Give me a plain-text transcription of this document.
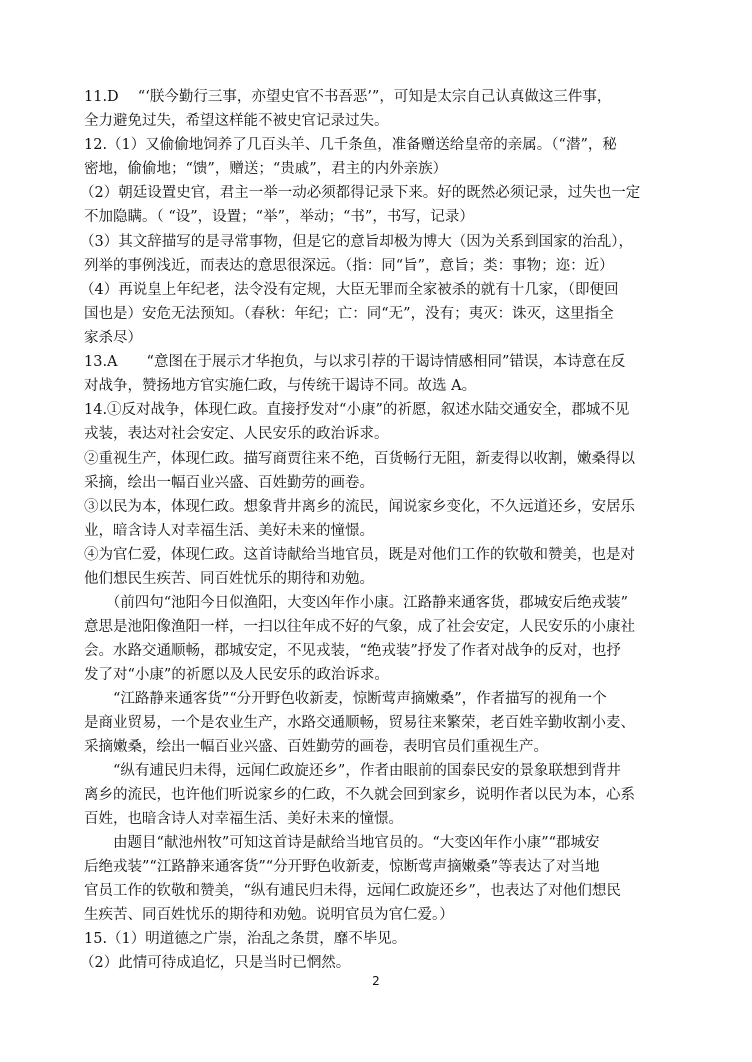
2
11.D　 “‘朕今勤行三事，亦望史官不书吾恶’”，可知是太宗自己认真做这三件事，
全力避免过失，希望这样能不被史官记录过失。
12.（1）又偷偷地饲养了几百头羊、几千条鱼，准备赠送给皇帝的亲属。（“潜”，秘
密地，偷偷地；“馈”，赠送；“贵戚”，君主的内外亲族）
（2）朝廷设置史官，君主一举一动必须都得记录下来。好的既然必须记录，过失也一定
不加隐瞒。（ “设”，设置；“举”，举动；“书”，书写，记录）
（3）其文辞描写的是寻常事物，但是它的意旨却极为博大（因为关系到国家的治乱），
列举的事例浅近，而表达的意思很深远。（指：同“旨”，意旨；类：事物；迩：近）
（4）再说皇上年纪老，法令没有定规，大臣无罪而全家被杀的就有十几家，（即便回
国也是）安危无法预知。（春秋：年纪；亡：同“无”，没有；夷灭：诛灭，这里指全
家杀尽）
13.A　　“意图在于展示才华抱负，与以求引荐的干谒诗情感相同”错误，本诗意在反
对战争，赞扬地方官实施仁政，与传统干谒诗不同。故选 A。
14.①反对战争，体现仁政。直接抒发对“小康”的祈愿，叙述水陆交通安全，郡城不见
戎装，表达对社会安定、人民安乐的政治诉求。
②重视生产，体现仁政。描写商贾往来不绝，百货畅行无阻，新麦得以收割，嫩桑得以
采摘，绘出一幅百业兴盛、百姓勤劳的画卷。
③以民为本，体现仁政。想象背井离乡的流民，闻说家乡变化，不久远道还乡，安居乐
业，暗含诗人对幸福生活、美好未来的憧憬。
④为官仁爱，体现仁政。这首诗献给当地官员，既是对他们工作的钦敬和赞美，也是对
他们想民生疾苦、同百姓忧乐的期待和劝勉。
　　（前四句“池阳今日似渔阳，大变凶年作小康。江路静来通客货，郡城安后绝戎装”
意思是池阳像渔阳一样，一扫以往年成不好的气象，成了社会安定，人民安乐的小康社
会。水路交通顺畅，郡城安定，不见戎装，“绝戎装”抒发了作者对战争的反对，也抒
发了对“小康”的祈愿以及人民安乐的政治诉求。
　　“江路静来通客货”“分开野色收新麦，惊断莺声摘嫩桑”，作者描写的视角一个
是商业贸易，一个是农业生产，水路交通顺畅，贸易往来繁荣，老百姓辛勤收割小麦、
采摘嫩桑，绘出一幅百业兴盛、百姓勤劳的画卷，表明官员们重视生产。
　　“纵有逋民归未得，远闻仁政旋还乡”，作者由眼前的国泰民安的景象联想到背井
离乡的流民，也许他们听说家乡的仁政，不久就会回到家乡，说明作者以民为本，心系
百姓，也暗含诗人对幸福生活、美好未来的憧憬。
　　由题目“献池州牧”可知这首诗是献给当地官员的。“大变凶年作小康”“郡城安
后绝戎装”“江路静来通客货”“分开野色收新麦，惊断莺声摘嫩桑”等表达了对当地
官员工作的钦敬和赞美，“纵有逋民归未得，远闻仁政旋还乡”，也表达了对他们想民
生疾苦、同百姓忧乐的期待和劝勉。说明官员为官仁爱。）
15.（1）明道德之广崇，治乱之条贯，靡不毕见。
（2）此情可待成追忆，只是当时已惘然。
